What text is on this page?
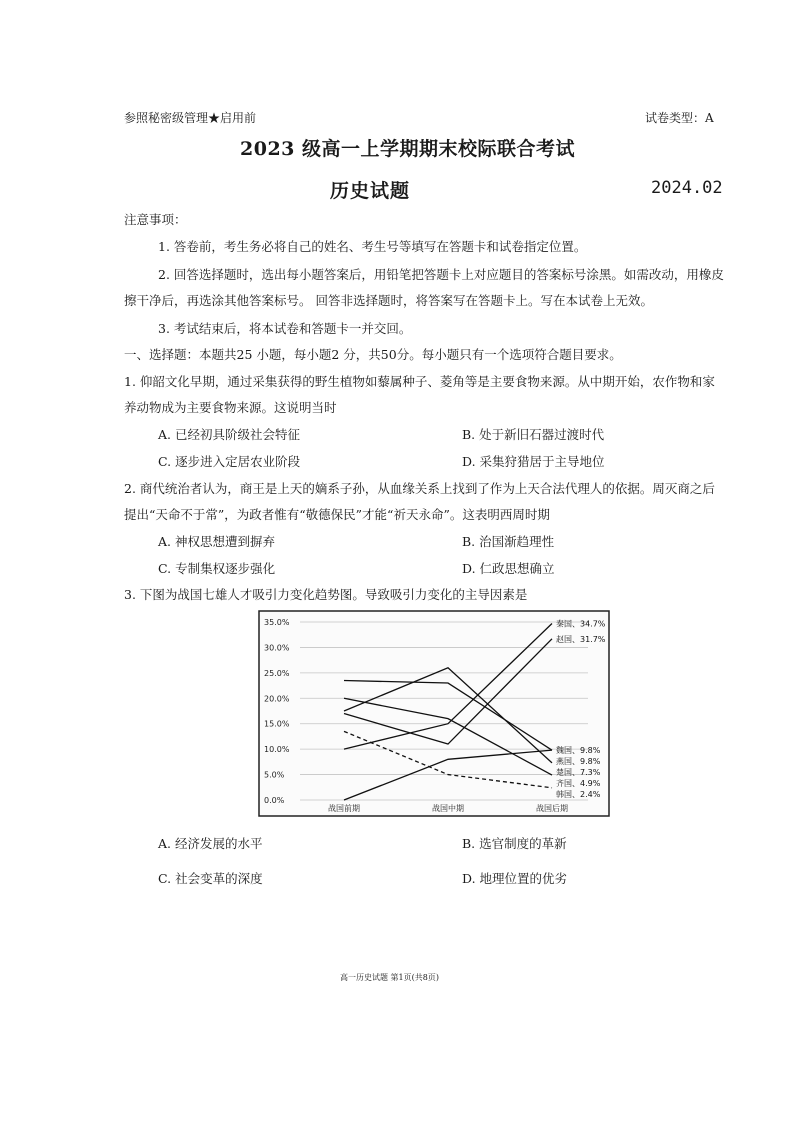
参照秘密级管理★启用前	试卷类型：A
2023 级高一上学期期末校际联合考试
历史试题	2024.02
注意事项：
1. 答卷前，考生务必将自己的姓名、考生号等填写在答题卡和试卷指定位置。
2. 回答选择题时，选出每小题答案后，用铅笔把答题卡上对应题目的答案标号涂黑。如需改动，用橡皮
擦干净后，再选涂其他答案标号。 回答非选择题时，将答案写在答题卡上。写在本试卷上无效。
3. 考试结束后，将本试卷和答题卡一并交回。
一、选择题：本题共25 小题，每小题2 分，共50分。每小题只有一个选项符合题目要求。
1. 仰韶文化早期，通过采集获得的野生植物如藜属种子、菱角等是主要食物来源。从中期开始，农作物和家
养动物成为主要食物来源。这说明当时
A. 已经初具阶级社会特征	B. 处于新旧石器过渡时代
C. 逐步进入定居农业阶段	D. 采集狩猎居于主导地位
2. 商代统治者认为，商王是上天的嫡系子孙，从血缘关系上找到了作为上天合法代理人的依据。周灭商之后
提出“天命不于常”，为政者惟有“敬德保民”才能“祈天永命”。这表明西周时期
A. 神权思想遭到摒弃	B. 治国渐趋理性
C. 专制集权逐步强化	D. 仁政思想确立
3. 下图为战国七雄人才吸引力变化趋势图。导致吸引力变化的主导因素是
35.0%
30.0%
25.0%
20.0%
15.0%
10.0%
5.0%
0.0%
战国前期	战国中期	战国后期
秦国、34.7%
赵国、31.7%
魏国、9.8%
燕国、9.8%
楚国、7.3%
齐国、4.9%
韩国、2.4%
A. 经济发展的水平	B. 选官制度的革新
C. 社会变革的深度	D. 地理位置的优劣
高一历史试题 第1页(共8页)
